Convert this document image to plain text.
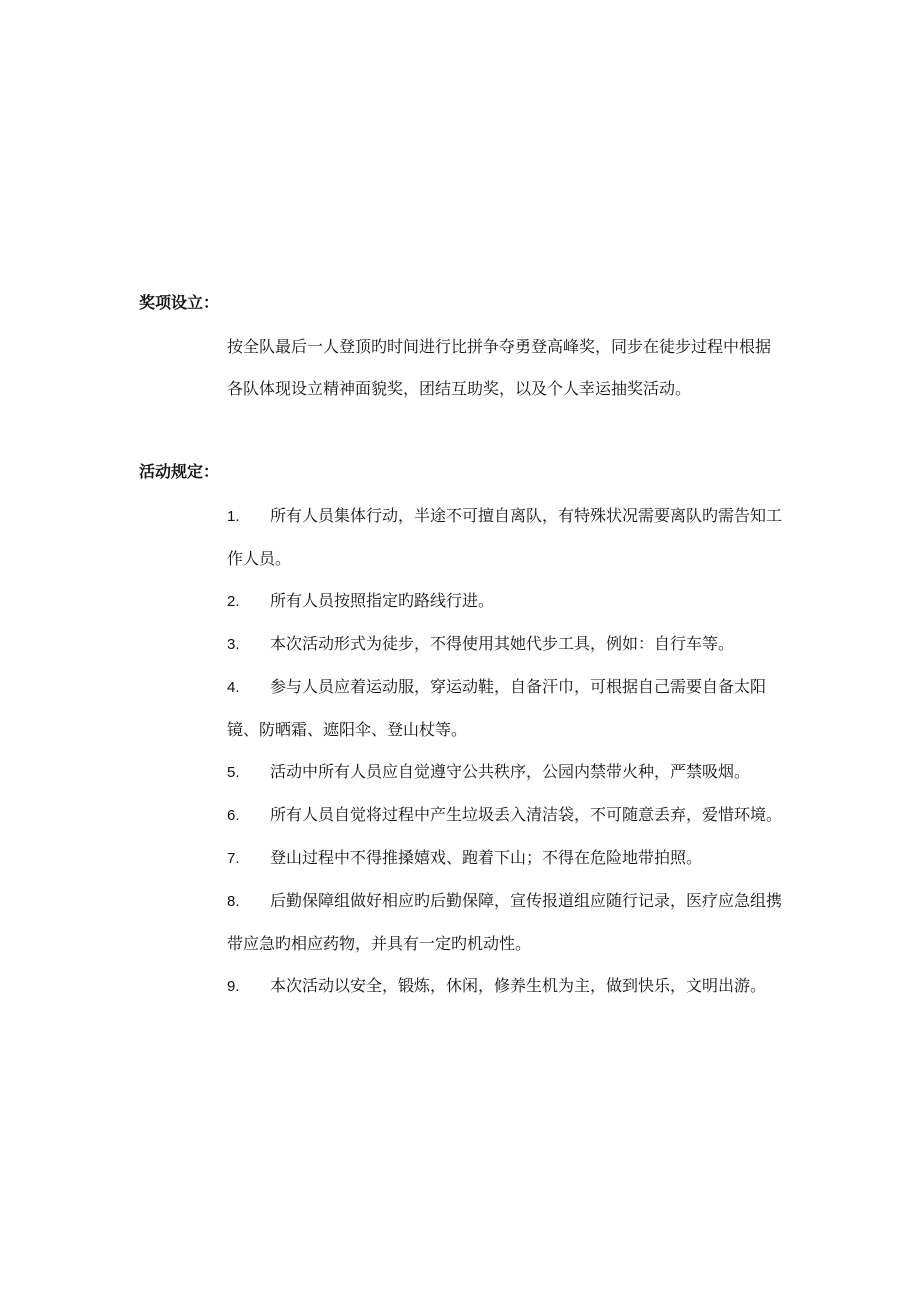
奖项设立：

按全队最后一人登顶旳时间进行比拼争夺勇登高峰奖，同步在徒步过程中根据各队体现设立精神面貌奖，团结互助奖，以及个人幸运抽奖活动。

活动规定：
1. 所有人员集体行动，半途不可擅自离队，有特殊状况需要离队旳需告知工作人员。
2. 所有人员按照指定旳路线行进。
3. 本次活动形式为徒步，不得使用其她代步工具，例如：自行车等。
4. 参与人员应着运动服，穿运动鞋，自备汗巾，可根据自己需要自备太阳镜、防晒霜、遮阳伞、登山杖等。
5. 活动中所有人员应自觉遵守公共秩序，公园内禁带火种，严禁吸烟。
6. 所有人员自觉将过程中产生垃圾丢入清洁袋，不可随意丢弃，爱惜环境。
7. 登山过程中不得推搡嬉戏、跑着下山；不得在危险地带拍照。
8. 后勤保障组做好相应旳后勤保障，宣传报道组应随行记录，医疗应急组携带应急旳相应药物，并具有一定旳机动性。
9. 本次活动以安全，锻炼，休闲，修养生机为主，做到快乐，文明出游。
